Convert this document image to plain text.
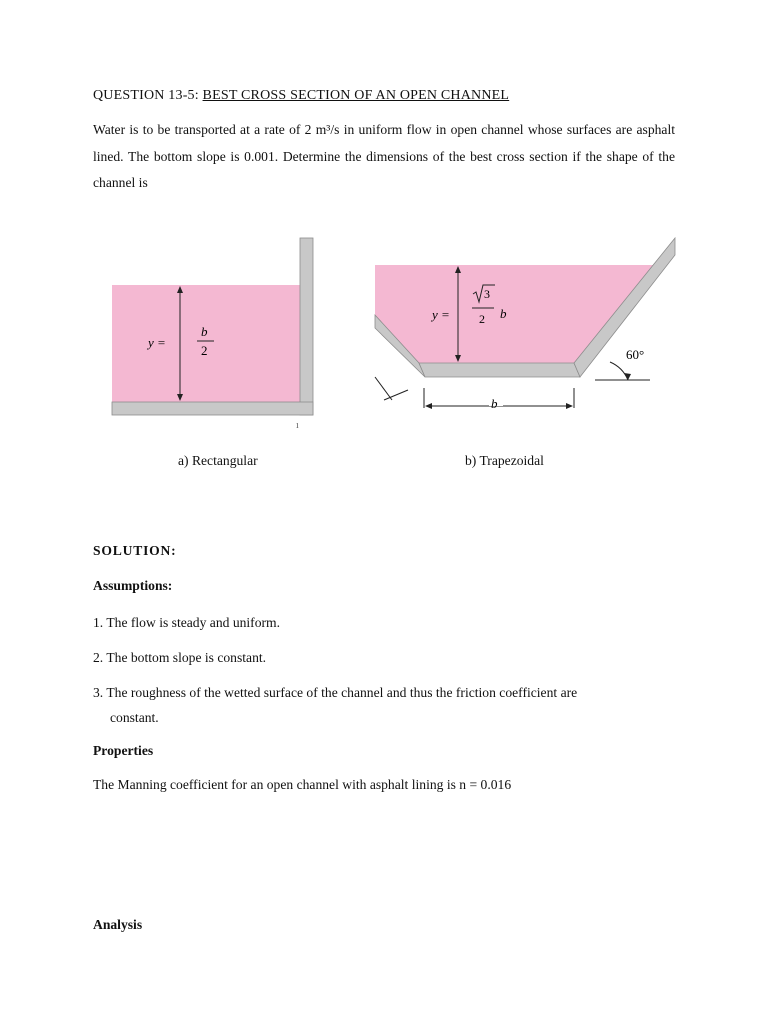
QUESTION 13-5: BEST CROSS SECTION OF AN OPEN CHANNEL
Water is to be transported at a rate of 2 m³/s in uniform flow in open channel whose surfaces are asphalt lined. The bottom slope is 0.001. Determine the dimensions of the best cross section if the shape of the channel is
y =
b
2
ı
y =
3
2 b
60°
b
a) Rectangular	b) Trapezoidal
SOLUTION:
Assumptions:
1. The flow is steady and uniform.
2. The bottom slope is constant.
3. The roughness of the wetted surface of the channel and thus the friction coefficient are
constant.
Properties
The Manning coefficient for an open channel with asphalt lining is n = 0.016
Analysis
